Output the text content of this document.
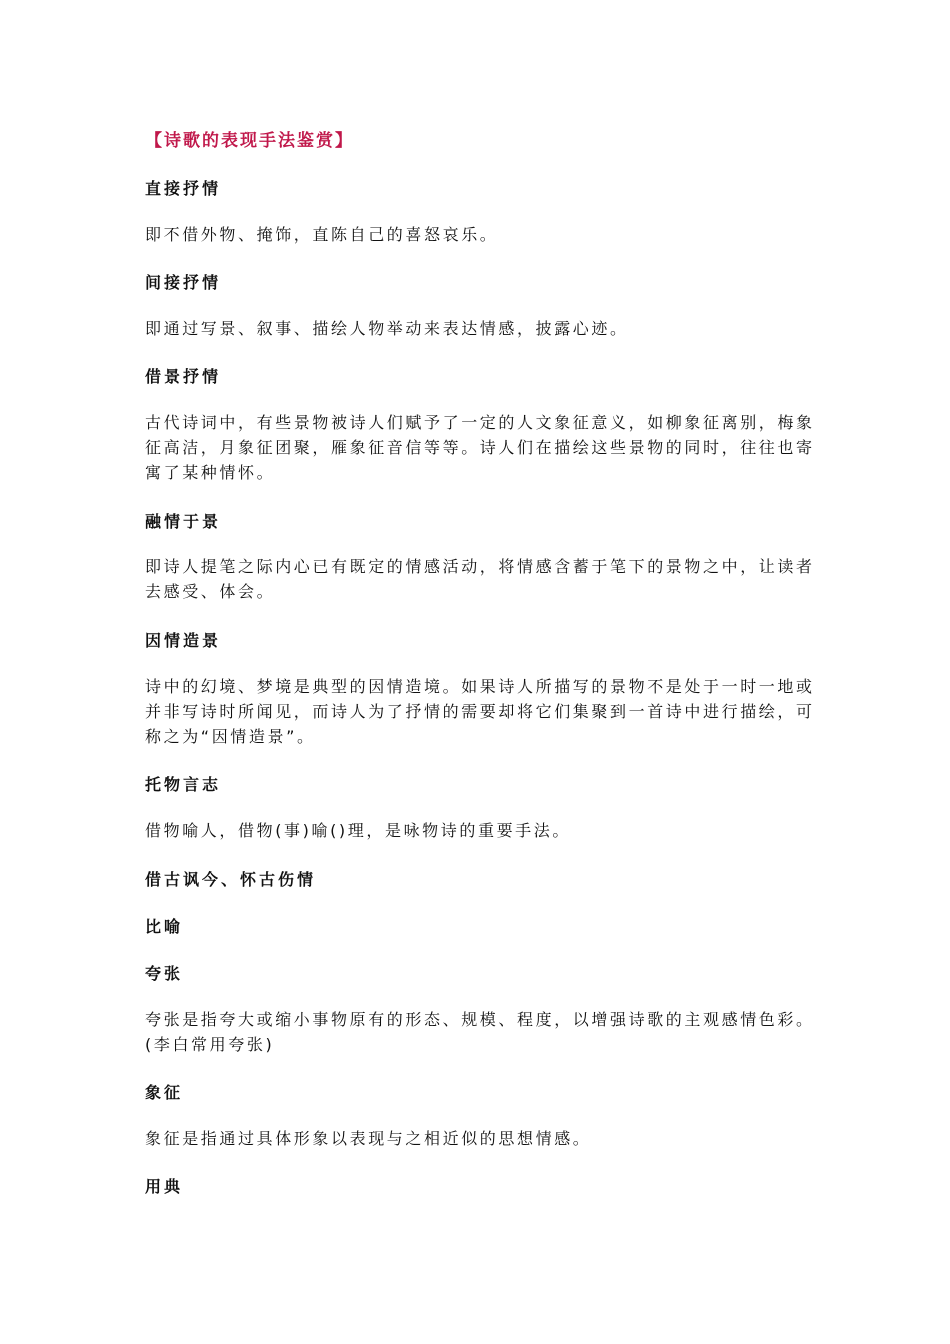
【诗歌的表现手法鉴赏】
直接抒情

即不借外物、掩饰，直陈自己的喜怒哀乐。

间接抒情

即通过写景、叙事、描绘人物举动来表达情感，披露心迹。

借景抒情

古代诗词中，有些景物被诗人们赋予了一定的人文象征意义，如柳象征离别，梅象征高洁，月象征团聚，雁象征音信等等。诗人们在描绘这些景物的同时，往往也寄寓了某种情怀。

融情于景

即诗人提笔之际内心已有既定的情感活动，将情感含蓄于笔下的景物之中，让读者去感受、体会。

因情造景

诗中的幻境、梦境是典型的因情造境。如果诗人所描写的景物不是处于一时一地或并非写诗时所闻见，而诗人为了抒情的需要却将它们集聚到一首诗中进行描绘，可称之为“因情造景”。

托物言志

借物喻人，借物(事)喻()理，是咏物诗的重要手法。

借古讽今、怀古伤情
比喻
夸张

夸张是指夸大或缩小事物原有的形态、规模、程度，以增强诗歌的主观感情色彩。(李白常用夸张)

象征

象征是指通过具体形象以表现与之相近似的思想情感。

用典
